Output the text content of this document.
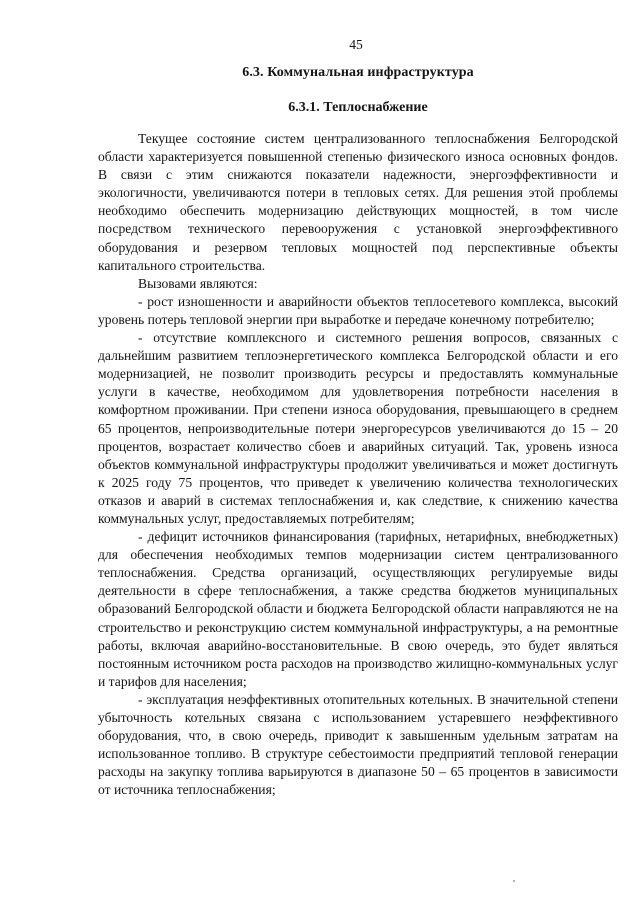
45
6.3. Коммунальная инфраструктура
6.3.1. Теплоснабжение

Текущее состояние систем централизованного теплоснабжения Белгородской области характеризуется повышенной степенью физического износа основных фондов. В связи с этим снижаются показатели надежности, энергоэффективности и экологичности, увеличиваются потери в тепловых сетях. Для решения этой проблемы необходимо обеспечить модернизацию действующих мощностей, в том числе посредством технического перевооружения с установкой энергоэффективного оборудования и резервом тепловых мощностей под перспективные объекты капитального строительства.

Вызовами являются:

- рост изношенности и аварийности объектов теплосетевого комплекса, высокий уровень потерь тепловой энергии при выработке и передаче конечному потребителю;

- отсутствие комплексного и системного решения вопросов, связанных с дальнейшим развитием теплоэнергетического комплекса Белгородской области и его модернизацией, не позволит производить ресурсы и предоставлять коммунальные услуги в качестве, необходимом для удовлетворения потребности населения в комфортном проживании. При степени износа оборудования, превышающего в среднем 65 процентов, непроизводительные потери энергоресурсов увеличиваются до 15 – 20 процентов, возрастает количество сбоев и аварийных ситуаций. Так, уровень износа объектов коммунальной инфраструктуры продолжит увеличиваться и может достигнуть к 2025 году 75 процентов, что приведет к увеличению количества технологических отказов и аварий в системах теплоснабжения и, как следствие, к снижению качества коммунальных услуг, предоставляемых потребителям;

- дефицит источников финансирования (тарифных, нетарифных, внебюджетных) для обеспечения необходимых темпов модернизации систем централизованного теплоснабжения. Средства организаций, осуществляющих регулируемые виды деятельности в сфере теплоснабжения, а также средства бюджетов муниципальных образований Белгородской области и бюджета Белгородской области направляются не на строительство и реконструкцию систем коммунальной инфраструктуры, а на ремонтные работы, включая аварийно-восстановительные. В свою очередь, это будет являться постоянным источником роста расходов на производство жилищно-коммунальных услуг и тарифов для населения;

- эксплуатация неэффективных отопительных котельных. В значительной степени убыточность котельных связана с использованием устаревшего неэффективного оборудования, что, в свою очередь, приводит к завышенным удельным затратам на использованное топливо. В структуре себестоимости предприятий тепловой генерации расходы на закупку топлива варьируются в диапазоне 50 – 65 процентов в зависимости от источника теплоснабжения;
